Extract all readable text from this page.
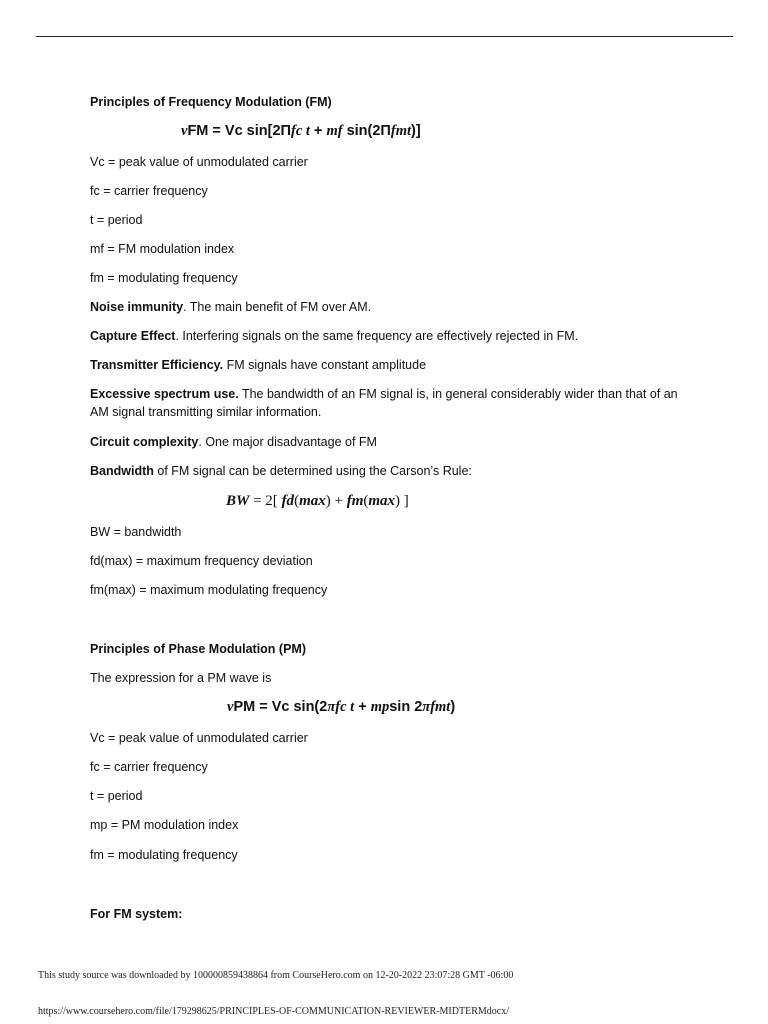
Principles of Frequency Modulation (FM)
vFM = Vc sin[2Πfc t + mf sin(2Πfmt)]
Vc = peak value of unmodulated carrier
fc = carrier frequency
t = period
mf = FM modulation index
fm = modulating frequency
Noise immunity. The main benefit of FM over AM.
Capture Effect. Interfering signals on the same frequency are effectively rejected in FM.
Transmitter Efficiency. FM signals have constant amplitude
Excessive spectrum use. The bandwidth of an FM signal is, in general considerably wider than that of an AM signal transmitting similar information.
Circuit complexity. One major disadvantage of FM
Bandwidth of FM signal can be determined using the Carson’s Rule:
BW = 2[ fd(max) + fm(max) ]
BW = bandwidth
fd(max) = maximum frequency deviation
fm(max) = maximum modulating frequency
Principles of Phase Modulation (PM)
The expression for a PM wave is
vPM = Vc sin(2πfc t + mpsin 2πfmt)
Vc = peak value of unmodulated carrier
fc = carrier frequency
t = period
mp = PM modulation index
fm = modulating frequency
For FM system:
This study source was downloaded by 100000859438864 from CourseHero.com on 12-20-2022 23:07:28 GMT -06:00
https://www.coursehero.com/file/179298625/PRINCIPLES-OF-COMMUNICATION-REVIEWER-MIDTERMdocx/
